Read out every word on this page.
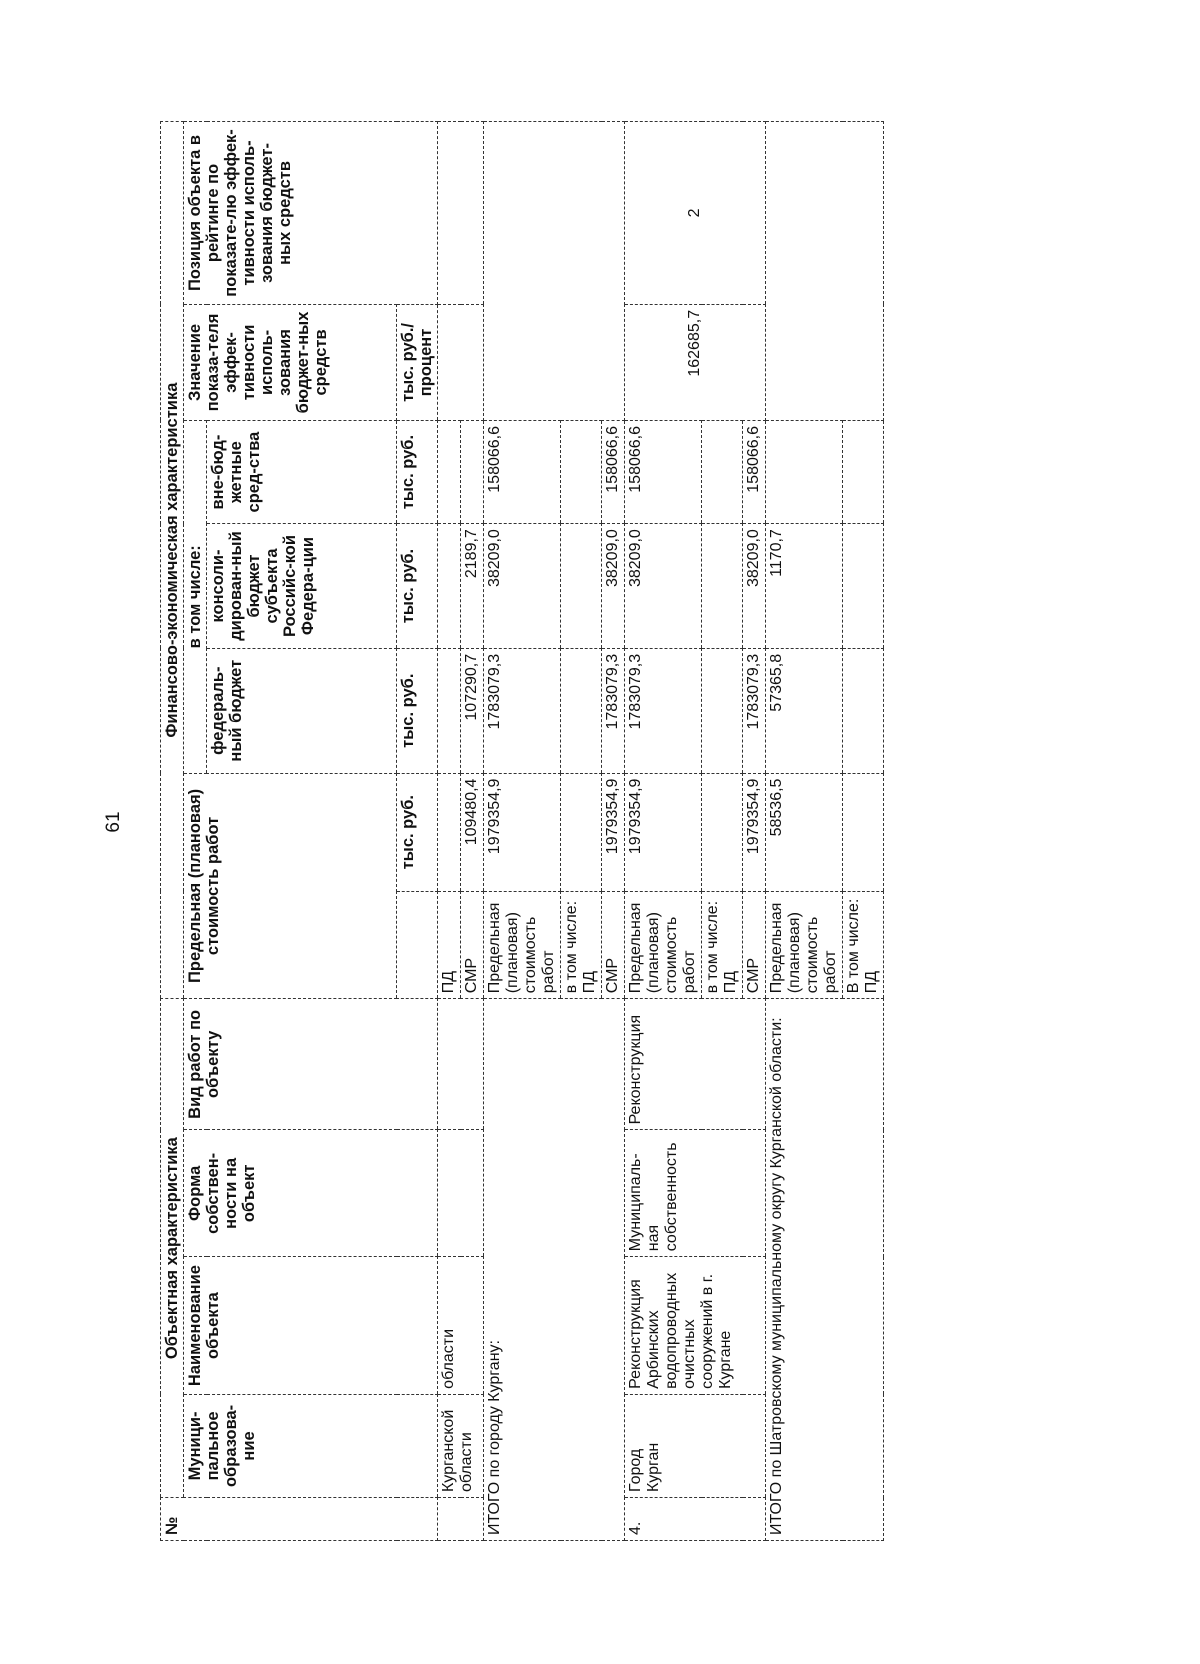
61
№	Объектная характеристика				Финансово-экономическая характеристика						
	Муници-пальное образова-ние	Наименование объекта	Форма собствен-ности на объект	Вид работ по объекту	Предельная (плановая) стоимость работ		в том числе:			Значение показа-теля эффек-тивности исполь-зования бюджет-ных средств	Позиция объекта в рейтинге по показате-лю эффек-тивности исполь-зования бюджет-ных средств
							федераль-ный бюджет	консоли-дирован-ный бюджет субъекта Российс-кой Федера-ции	вне-бюд-жетные сред-ства		
						тыс. руб.	тыс. руб.	тыс. руб.	тыс. руб.	тыс. руб./ процент	
	Курганской области	области			ПД						
					СМР	109480,4	107290,7	2189,7			
ИТОГО по городу Кургану:					Предельная (плановая) стоимость работ	1979354,9	1783079,3	38209,0	158066,6		
					в том числе: ПД						
					СМР	1979354,9	1783079,3	38209,0	158066,6		
4.	Город Курган	Реконструкция Арбинских водопроводных очистных сооружений в г. Кургане	Муниципаль-ная собственность	Реконструкция	Предельная (плановая) стоимость работ	1979354,9	1783079,3	38209,0	158066,6	162685,7	2
					в том числе: ПД						
					СМР	1979354,9	1783079,3	38209,0	158066,6		
ИТОГО по Шатровскому муниципальному округу Курганской области:					Предельная (плановая) стоимость работ	58536,5	57365,8	1170,7			
					В том числе: ПД						
